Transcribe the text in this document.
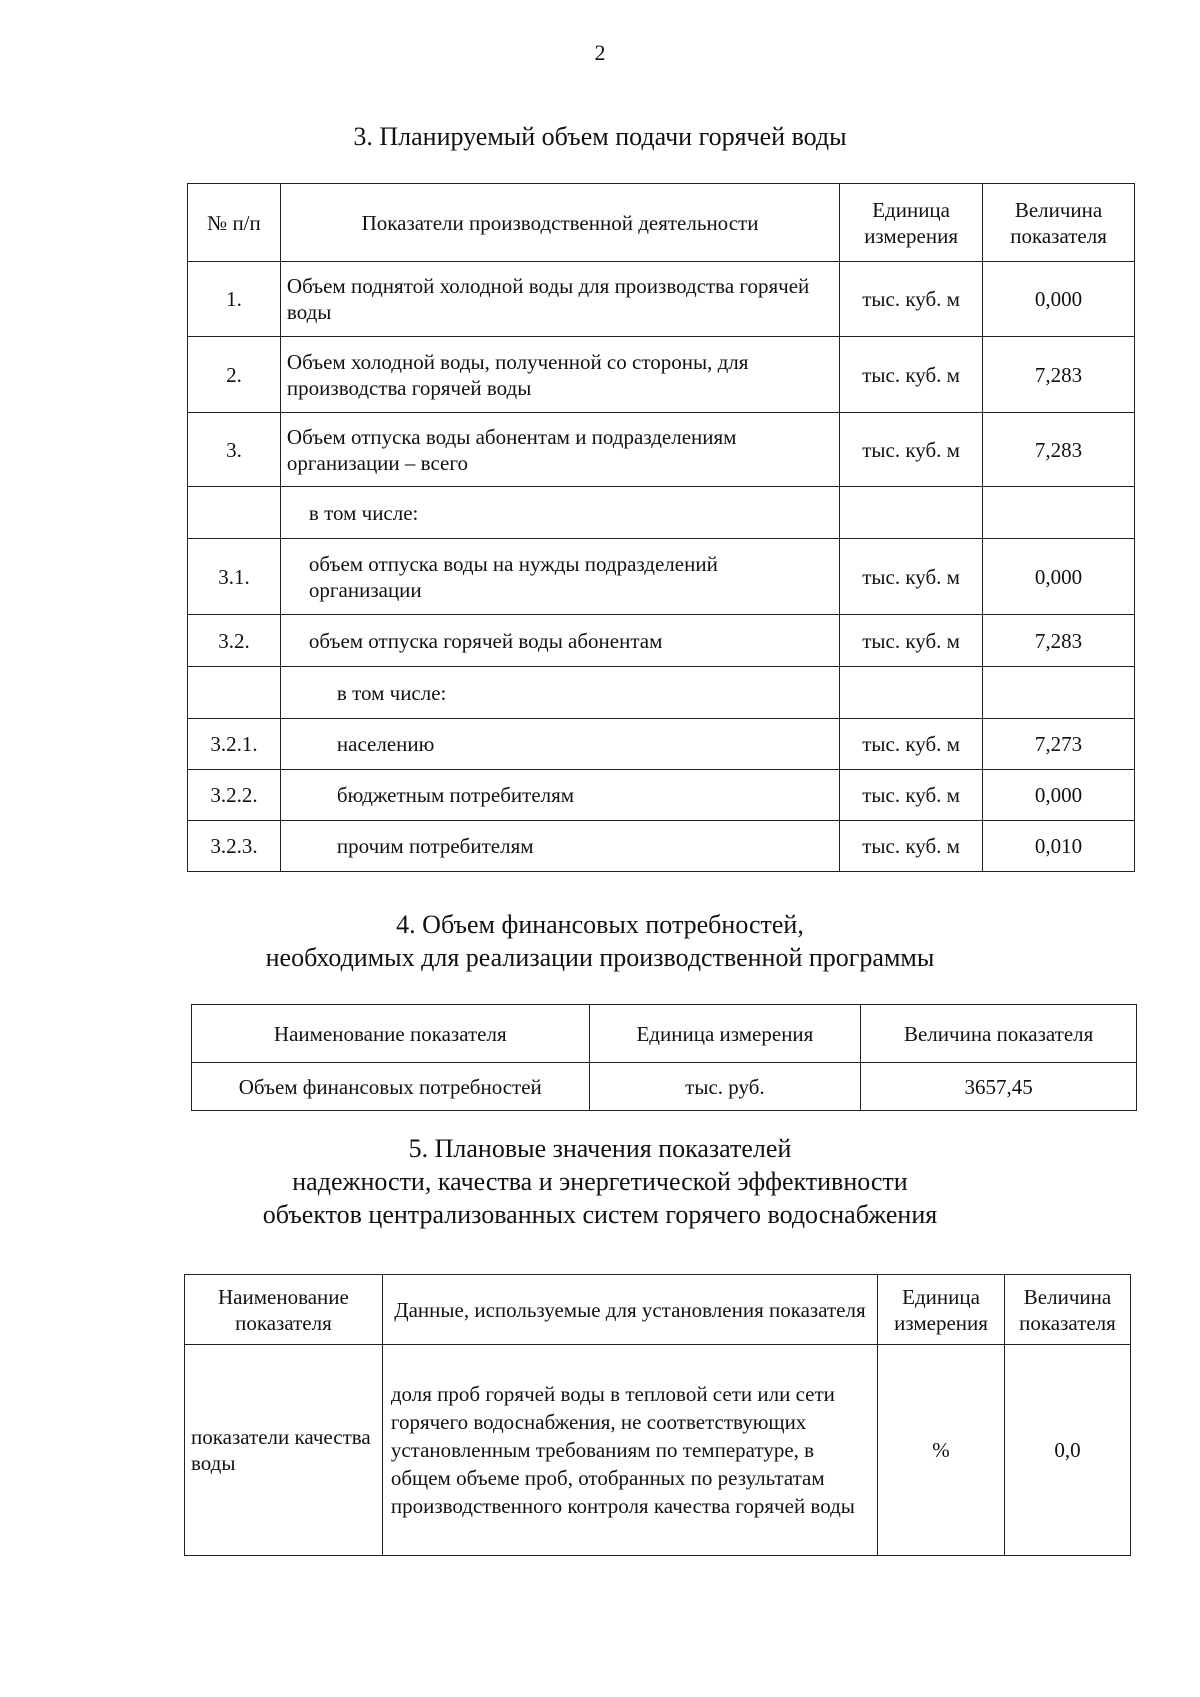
2
3. Планируемый объем подачи горячей воды
№ п/п	Показатели производственной деятельности	Единица измерения	Величина показателя
1.	Объем поднятой холодной воды для производства горячей воды	тыс. куб. м	0,000
2.	Объем холодной воды, полученной со стороны, для производства горячей воды	тыс. куб. м	7,283
3.	Объем отпуска воды абонентам и подразделениям организации – всего	тыс. куб. м	7,283
	в том числе:		
3.1.	объем отпуска воды на нужды подразделений организации	тыс. куб. м	0,000
3.2.	объем отпуска горячей воды абонентам	тыс. куб. м	7,283
	в том числе:		
3.2.1.	населению	тыс. куб. м	7,273
3.2.2.	бюджетным потребителям	тыс. куб. м	0,000
3.2.3.	прочим потребителям	тыс. куб. м	0,010
4. Объем финансовых потребностей,
необходимых для реализации производственной программы
Наименование показателя	Единица измерения	Величина показателя
Объем финансовых потребностей	тыс. руб.	3657,45
5. Плановые значения показателей
надежности, качества и энергетической эффективности
объектов централизованных систем горячего водоснабжения
Наименование показателя	Данные, используемые для установления показателя	Единица измерения	Величина показателя
показатели качества воды	доля проб горячей воды в тепловой сети или сети горячего водоснабжения, не соответствующих установленным требованиям по температуре, в общем объеме проб, отобранных по результатам производственного контроля качества горячей воды	%	0,0
